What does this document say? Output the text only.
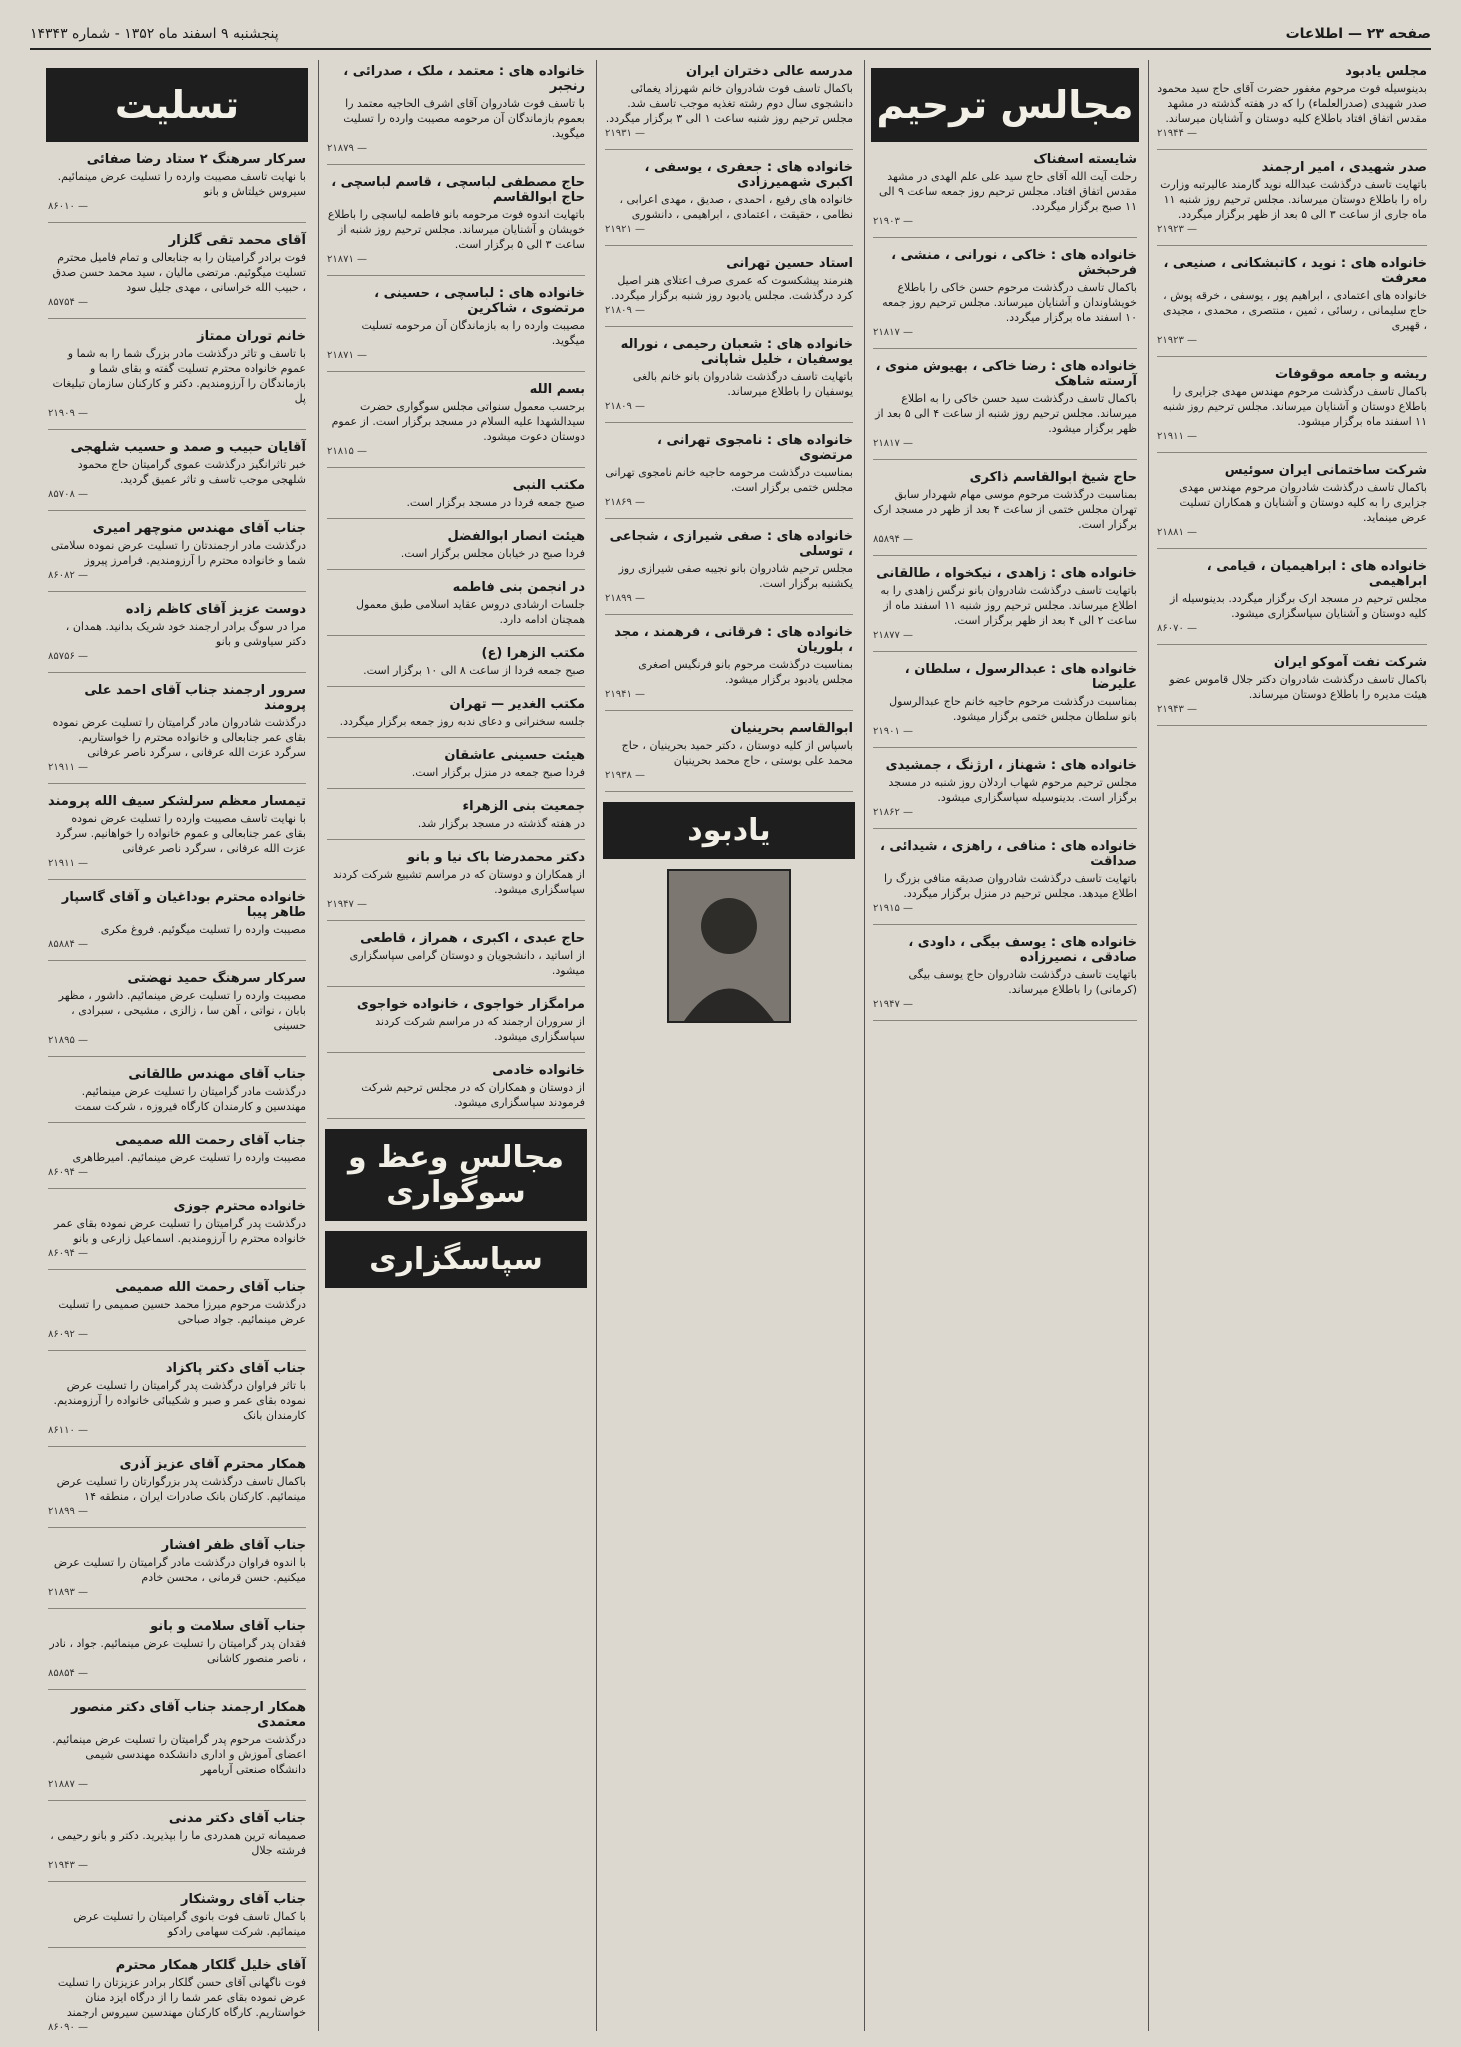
صفحه ۲۳ — اطلاعات
پنجشنبه ۹ اسفند ماه ۱۳۵۲ - شماره ۱۴۳۴۳
مجلس یادبود
بدینوسیله فوت مرحوم مغفور حضرت آقای حاج سید محمود صدر شهیدی (صدرالعلماء) را که در هفته گذشته در مشهد مقدس اتفاق افتاد باطلاع کلیه دوستان و آشنایان میرساند.
۲۱۹۴۴ —
صدر شهیدی ، امیر ارجمند
باتهایت تاسف درگذشت عبدالله نوید گارمند عالیرتبه وزارت راه را باطلاع دوستان میرساند. مجلس ترحیم روز شنبه ۱۱ ماه جاری از ساعت ۳ الی ۵ بعد از ظهر برگزار میگردد.
۲۱۹۲۳ —
خانواده های : نوید ، کاتبشکانی ، صنیعی ، معرفت
خانواده های اعتمادی ، ابراهیم پور ، یوسفی ، خرقه پوش ، حاج سلیمانی ، رسائی ، ثمین ، منتصری ، محمدی ، مجیدی ، قهیری
۲۱۹۲۳ —
ریشه و جامعه موقوفات
باکمال تاسف درگذشت مرحوم مهندس مهدی جزایری را باطلاع دوستان و آشنایان میرساند. مجلس ترحیم روز شنبه ۱۱ اسفند ماه برگزار میشود.
۲۱۹۱۱ —
شرکت ساختمانی ایران سوئیس
باکمال تاسف درگذشت شادروان مرحوم مهندس مهدی جزایری را به کلیه دوستان و آشنایان و همکاران تسلیت عرض مینماید.
۲۱۸۸۱ —
خانواده های : ابراهیمیان ، قیامی ، ابراهیمی
مجلس ترحیم در مسجد ارک برگزار میگردد. بدینوسیله از کلیه دوستان و آشنایان سپاسگزاری میشود.
۸۶۰۷۰ —
شرکت نفت آموکو ایران
باکمال تاسف درگذشت شادروان دکتر جلال قاموس عضو هیئت مدیره را باطلاع دوستان میرساند.
۲۱۹۴۳ —
مجالس ترحیم
شایسته اسفناک
رحلت آیت الله آقای حاج سید علی علم الهدی در مشهد مقدس اتفاق افتاد. مجلس ترحیم روز جمعه ساعت ۹ الی ۱۱ صبح برگزار میگردد.
۲۱۹۰۳ —
خانواده های : خاکی ، نورانی ، منشی ، فرحبخش
باکمال تاسف درگذشت مرحوم حسن خاکی را باطلاع خویشاوندان و آشنایان میرساند. مجلس ترحیم روز جمعه ۱۰ اسفند ماه برگزار میگردد.
۲۱۸۱۷ —
خانواده های : رضا خاکی ، بهیوش منوی ، آرسته شاهک
باکمال تاسف درگذشت سید حسن خاکی را به اطلاع میرساند. مجلس ترحیم روز شنبه از ساعت ۴ الی ۵ بعد از ظهر برگزار میشود.
۲۱۸۱۷ —
حاج شیخ ابوالقاسم ذاکری
بمناسبت درگذشت مرحوم موسی مهام شهردار سابق تهران مجلس ختمی از ساعت ۴ بعد از ظهر در مسجد ارک برگزار است.
۸۵۸۹۴ —
خانواده های : زاهدی ، نیکخواه ، طالقانی
باتهایت تاسف درگذشت شادروان بانو نرگس زاهدی را به اطلاع میرساند. مجلس ترحیم روز شنبه ۱۱ اسفند ماه از ساعت ۲ الی ۴ بعد از ظهر برگزار است.
۲۱۸۷۷ —
خانواده های : عبدالرسول ، سلطان ، علیرضا
بمناسبت درگذشت مرحوم حاجیه خانم حاج عبدالرسول بانو سلطان مجلس ختمی برگزار میشود.
۲۱۹۰۱ —
خانواده های : شهناز ، ارژنگ ، جمشیدی
مجلس ترحیم مرحوم شهاب اردلان روز شنبه در مسجد برگزار است. بدینوسیله سپاسگزاری میشود.
۲۱۸۶۲ —
خانواده های : منافی ، راهزی ، شیدائی ، صداقت
باتهایت تاسف درگذشت شادروان صدیقه منافی بزرگ را اطلاع میدهد. مجلس ترحیم در منزل برگزار میگردد.
۲۱۹۱۵ —
خانواده های : یوسف بیگی ، داودی ، صادقی ، نصیرزاده
باتهایت تاسف درگذشت شادروان حاج یوسف بیگی (کرمانی) را باطلاع میرساند.
۲۱۹۴۷ —
مدرسه عالی دختران ایران
باکمال تاسف فوت شادروان خانم شهرزاد یغمائی دانشجوی سال دوم رشته تغذیه موجب تاسف شد. مجلس ترحیم روز شنبه ساعت ۱ الی ۳ برگزار میگردد.
۲۱۹۳۱ —
خانواده های : جعفری ، یوسفی ، اکبری شهمیرزادی
خانواده های رفیع ، احمدی ، صدیق ، مهدی اعرابی ، نظامی ، حقیقت ، اعتمادی ، ابراهیمی ، دانشوری
۲۱۹۲۱ —
استاد حسین تهرانی
هنرمند پیشکسوت که عمری صرف اعتلای هنر اصیل کرد درگذشت. مجلس یادبود روز شنبه برگزار میگردد.
۲۱۸۰۹ —
خانواده های : شعبان رحیمی ، نوراله یوسفیان ، خلیل شاپانی
باتهایت تاسف درگذشت شادروان بانو خانم بالغی یوسفیان را باطلاع میرساند.
۲۱۸۰۹ —
خانواده های : نامجوی تهرانی ، مرتضوی
بمناسبت درگذشت مرحومه حاجیه خانم نامجوی تهرانی مجلس ختمی برگزار است.
۲۱۸۶۹ —
خانواده های : صفی شیرازی ، شجاعی ، توسلی
مجلس ترحیم شادروان بانو نجیبه صفی شیرازی روز یکشنبه برگزار است.
۲۱۸۹۹ —
خانواده های : فرقانی ، فرهمند ، مجد ، بلوریان
بمناسبت درگذشت مرحوم بانو فرنگیس اصغری مجلس یادبود برگزار میشود.
۲۱۹۴۱ —
ابوالقاسم بحرینیان
باسپاس از کلیه دوستان ، دکتر حمید بحرینیان ، حاج محمد علی بوستی ، حاج محمد بحرینیان
۲۱۹۳۸ —
یادبود
خانواده های : معتمد ، ملک ، صدرائی ، رنجبر
با تاسف فوت شادروان آقای اشرف الحاجیه معتمد را بعموم بازماندگان آن مرحومه مصیبت وارده را تسلیت میگوید.
۲۱۸۷۹ —
حاج مصطفی لباسچی ، قاسم لباسچی ، حاج ابوالقاسم
باتهایت اندوه فوت مرحومه بانو فاطمه لباسچی را باطلاع خویشان و آشنایان میرساند. مجلس ترحیم روز شنبه از ساعت ۳ الی ۵ برگزار است.
۲۱۸۷۱ —
خانواده های : لباسچی ، حسینی ، مرتضوی ، شاکرین
مصیبت وارده را به بازماندگان آن مرحومه تسلیت میگوید.
۲۱۸۷۱ —
بسم الله
برحسب معمول سنواتی مجلس سوگواری حضرت سیدالشهدا علیه السلام در مسجد برگزار است. از عموم دوستان دعوت میشود.
۲۱۸۱۵ —
مکتب النبی
صبح جمعه فردا در مسجد برگزار است.
هیئت انصار ابوالفضل
فردا صبح در خیابان مجلس برگزار است.
در انجمن بنی فاطمه
جلسات ارشادی دروس عقاید اسلامی طبق معمول همچنان ادامه دارد.
مکتب الزهرا (ع)
صبح جمعه فردا از ساعت ۸ الی ۱۰ برگزار است.
مکتب الغدیر — تهران
جلسه سخنرانی و دعای ندبه روز جمعه برگزار میگردد.
هیئت حسینی عاشقان
فردا صبح جمعه در منزل برگزار است.
جمعیت بنی الزهراء
در هفته گذشته در مسجد برگزار شد.
دکتر محمدرضا باک نیا و بانو
از همکاران و دوستان که در مراسم تشییع شرکت کردند سپاسگزاری میشود.
۲۱۹۴۷ —
حاج عبدی ، اکبری ، همراز ، قاطعی
از اساتید ، دانشجویان و دوستان گرامی سپاسگزاری میشود.
مرامگزار خواجوی ، خانواده خواجوی
از سروران ارجمند که در مراسم شرکت کردند سپاسگزاری میشود.
خانواده خادمی
از دوستان و همکاران که در مجلس ترحیم شرکت فرمودند سپاسگزاری میشود.
مجالس وعظ و سوگواری
سپاسگزاری
تسلیت
سرکار سرهنگ ۲ ستاد رضا صفائی
با نهایت تاسف مصیبت وارده را تسلیت عرض مینمائیم. سیروس خیلتاش و بانو
۸۶۰۱۰ —
آقای محمد تقی گلزار
فوت برادر گرامیتان را به جنابعالی و تمام فامیل محترم تسلیت میگوئیم. مرتضی مالیان ، سید محمد حسن صدق ، حبیب الله خراسانی ، مهدی جلیل سود
۸۵۷۵۴ —
خانم توران ممتاز
با تاسف و تاثر درگذشت مادر بزرگ شما را به شما و عموم خانواده محترم تسلیت گفته و بقای شما و بازماندگان را آرزومندیم. دکتر و کارکنان سازمان تبلیغات پل
۲۱۹۰۹ —
آقایان حبیب و صمد و حسیب شلهجی
خبر تاثرانگیز درگذشت عموی گرامیتان حاج محمود شلهجی موجب تاسف و تاثر عمیق گردید.
۸۵۷۰۸ —
جناب آقای مهندس منوچهر امیری
درگذشت مادر ارجمندتان را تسلیت عرض نموده سلامتی شما و خانواده محترم را آرزومندیم. فرامرز پیروز
۸۶۰۸۲ —
دوست عزیز آقای کاظم زاده
مرا در سوگ برادر ارجمند خود شریک بدانید. همدان ، دکتر سیاوشی و بانو
۸۵۷۵۶ —
سرور ارجمند جناب آقای احمد علی پرومند
درگذشت شادروان مادر گرامیتان را تسلیت عرض نموده بقای عمر جنابعالی و خانواده محترم را خواستاریم. سرگرد عزت الله عرفانی ، سرگرد ناصر عرفانی
۲۱۹۱۱ —
تیمسار معظم سرلشکر سیف الله پرومند
با نهایت تاسف مصیبت وارده را تسلیت عرض نموده بقای عمر جنابعالی و عموم خانواده را خواهانیم. سرگرد عزت الله عرفانی ، سرگرد ناصر عرفانی
۲۱۹۱۱ —
خانواده محترم بوداغیان و آقای گاسپار طاهر پیبا
مصیبت وارده را تسلیت میگوئیم. فروغ مکری
۸۵۸۸۴ —
سرکار سرهنگ حمید نهضتی
مصیبت وارده را تسلیت عرض مینمائیم. داشور ، مظهر بابان ، نواتی ، آهن سا ، زالزی ، مشیحی ، سبرادی ، حسینی
۲۱۸۹۵ —
جناب آقای مهندس طالقانی
درگذشت مادر گرامیتان را تسلیت عرض مینمائیم. مهندسین و کارمندان کارگاه فیروزه ، شرکت سمت
جناب آقای رحمت الله صمیمی
مصیبت وارده را تسلیت عرض مینمائیم. امیرطاهری
۸۶۰۹۴ —
خانواده محترم جوزی
درگذشت پدر گرامیتان را تسلیت عرض نموده بقای عمر خانواده محترم را آرزومندیم. اسماعیل زارعی و بانو
۸۶۰۹۴ —
جناب آقای رحمت الله صمیمی
درگذشت مرحوم میرزا محمد حسین صمیمی را تسلیت عرض مینمائیم. جواد صباحی
۸۶۰۹۲ —
جناب آقای دکتر پاکزاد
با تاثر فراوان درگذشت پدر گرامیتان را تسلیت عرض نموده بقای عمر و صبر و شکیبائی خانواده را آرزومندیم. کارمندان بانک
۸۶۱۱۰ —
همکار محترم آقای عزیز آذری
باکمال تاسف درگذشت پدر بزرگوارتان را تسلیت عرض مینمائیم. کارکنان بانک صادرات ایران ، منطقه ۱۴
۲۱۸۹۹ —
جناب آقای ظفر افشار
با اندوه فراوان درگذشت مادر گرامیتان را تسلیت عرض میکنیم. حسن قرمانی ، محسن خادم
۲۱۸۹۳ —
جناب آقای سلامت و بانو
فقدان پدر گرامیتان را تسلیت عرض مینمائیم. جواد ، نادر ، ناصر منصور کاشانی
۸۵۸۵۴ —
همکار ارجمند جناب آقای دکتر منصور معتمدی
درگذشت مرحوم پدر گرامیتان را تسلیت عرض مینمائیم. اعضای آموزش و اداری دانشکده مهندسی شیمی دانشگاه صنعتی آریامهر
۲۱۸۸۷ —
جناب آقای دکتر مدنی
صمیمانه ترین همدردی ما را بپذیرید. دکتر و بانو رحیمی ، فرشته جلال
۲۱۹۴۳ —
جناب آقای روشنکار
با کمال تاسف فوت بانوی گرامیتان را تسلیت عرض مینمائیم. شرکت سهامی رادکو
آقای خلیل گلکار همکار محترم
فوت ناگهانی آقای حسن گلکار برادر عزیزتان را تسلیت عرض نموده بقای عمر شما را از درگاه ایزد منان خواستاریم. کارگاه کارکنان مهندسین سیروس ارجمند
۸۶۰۹۰ —
